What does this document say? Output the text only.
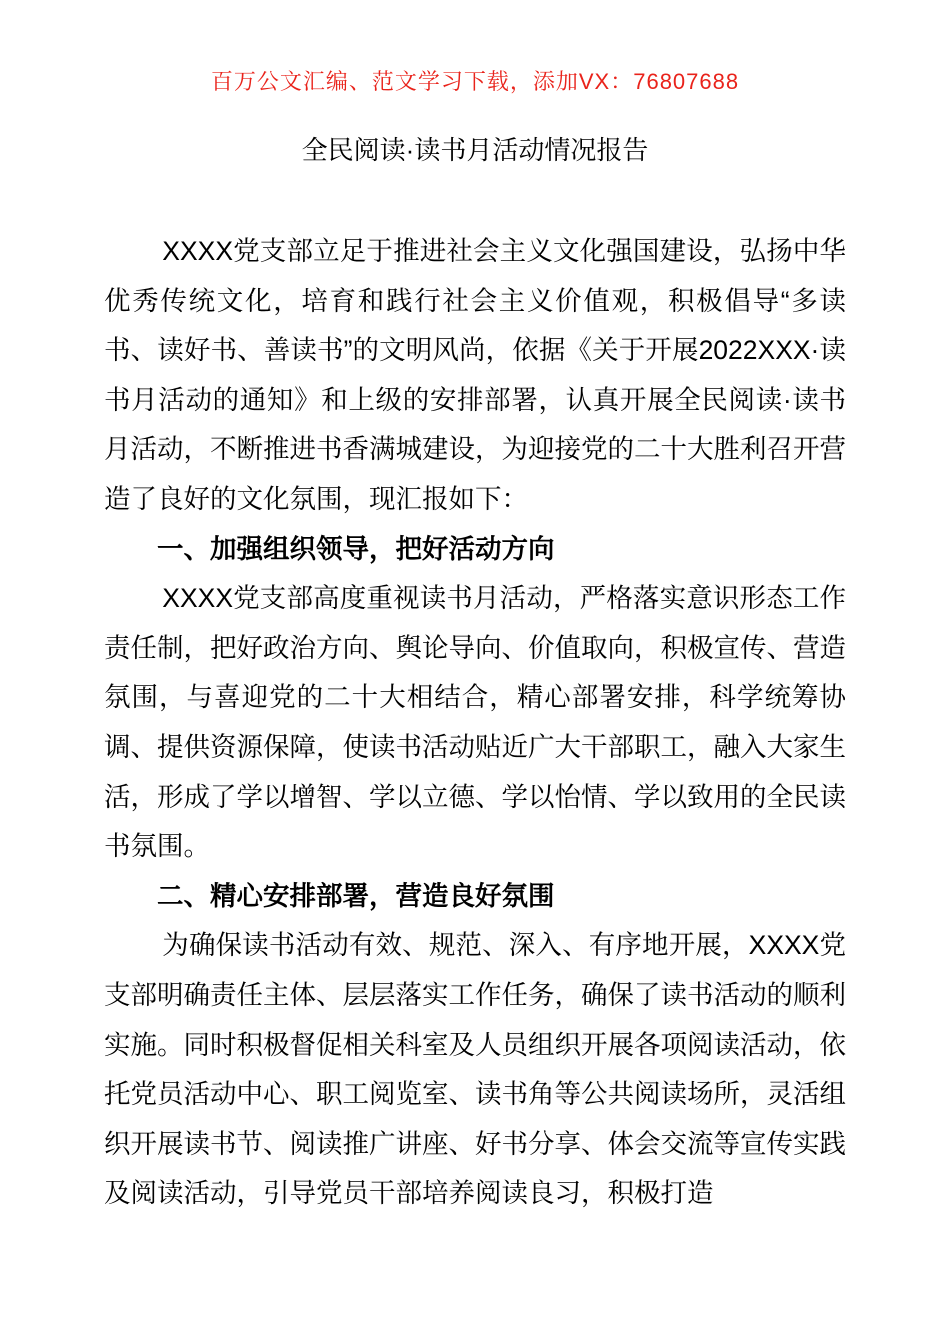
百万公文汇编、范文学习下载，添加VX：76807688
全民阅读·读书月活动情况报告

XXXX党支部立足于推进社会主义文化强国建设，弘扬中华优秀传统文化，培育和践行社会主义价值观，积极倡导“多读书、读好书、善读书”的文明风尚，依据《关于开展2022XXX·读书月活动的通知》和上级的安排部署，认真开展全民阅读·读书月活动，不断推进书香满城建设，为迎接党的二十大胜利召开营造了良好的文化氛围，现汇报如下：

一、加强组织领导，把好活动方向

XXXX党支部高度重视读书月活动，严格落实意识形态工作责任制，把好政治方向、舆论导向、价值取向，积极宣传、营造氛围，与喜迎党的二十大相结合，精心部署安排，科学统筹协调、提供资源保障，使读书活动贴近广大干部职工，融入大家生活，形成了学以增智、学以立德、学以怡情、学以致用的全民读书氛围。

二、精心安排部署，营造良好氛围

为确保读书活动有效、规范、深入、有序地开展，XXXX党支部明确责任主体、层层落实工作任务，确保了读书活动的顺利实施。同时积极督促相关科室及人员组织开展各项阅读活动，依托党员活动中心、职工阅览室、读书角等公共阅读场所，灵活组织开展读书节、阅读推广讲座、好书分享、体会交流等宣传实践及阅读活动，引导党员干部培养阅读良习，积极打造
